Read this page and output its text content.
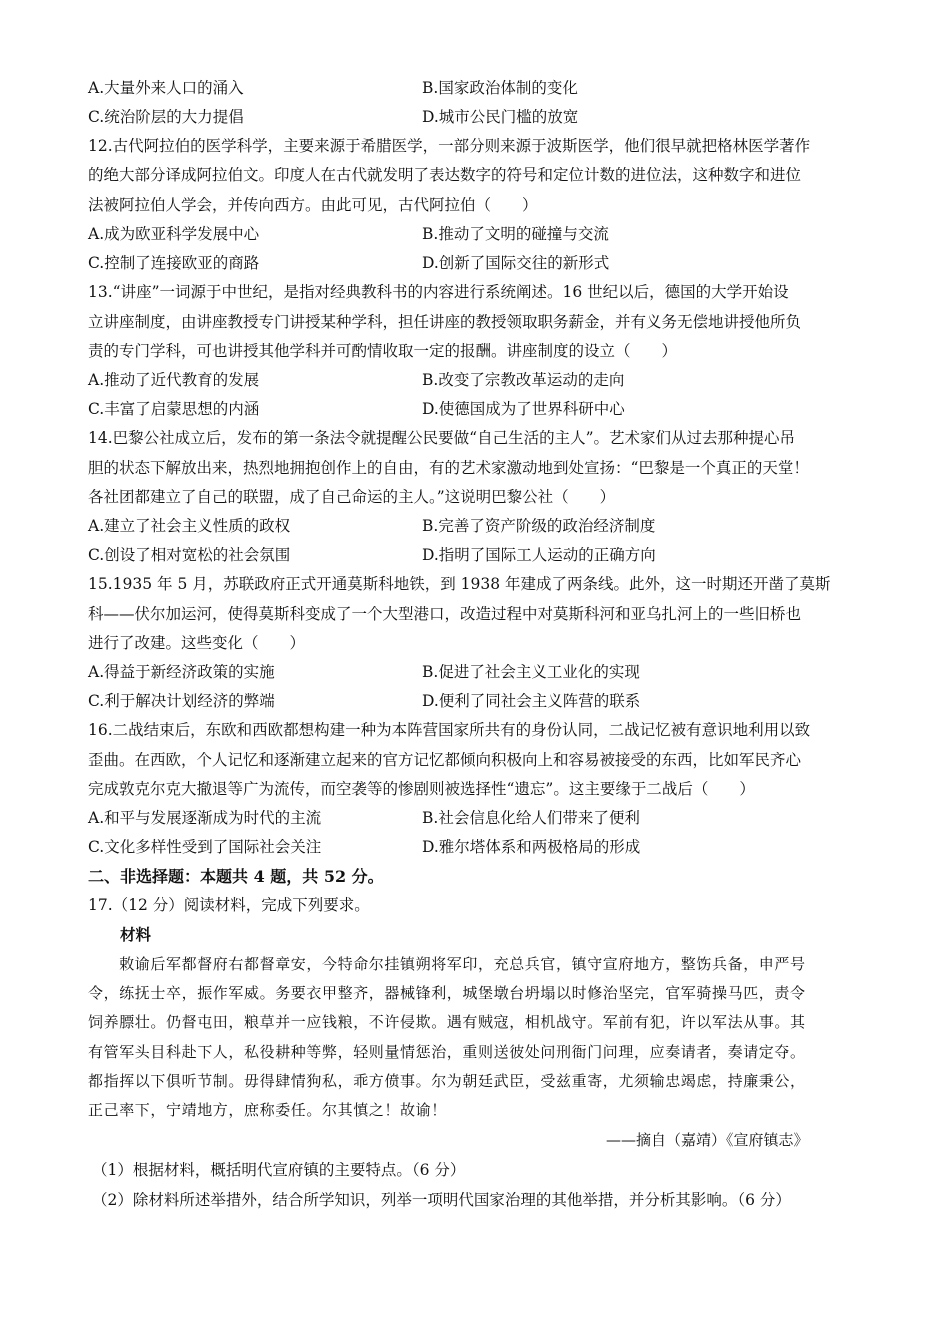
A.大量外来人口的涌入	B.国家政治体制的变化
C.统治阶层的大力提倡	D.城市公民门槛的放宽
12.古代阿拉伯的医学科学，主要来源于希腊医学，一部分则来源于波斯医学，他们很早就把格林医学著作
的绝大部分译成阿拉伯文。印度人在古代就发明了表达数字的符号和定位计数的进位法，这种数字和进位
法被阿拉伯人学会，并传向西方。由此可见，古代阿拉伯（　　）
A.成为欧亚科学发展中心	B.推动了文明的碰撞与交流
C.控制了连接欧亚的商路	D.创新了国际交往的新形式
13.“讲座”一词源于中世纪，是指对经典教科书的内容进行系统阐述。16 世纪以后，德国的大学开始设
立讲座制度，由讲座教授专门讲授某种学科，担任讲座的教授领取职务薪金，并有义务无偿地讲授他所负
责的专门学科，可也讲授其他学科并可酌情收取一定的报酬。讲座制度的设立（　　）
A.推动了近代教育的发展	B.改变了宗教改革运动的走向
C.丰富了启蒙思想的内涵	D.使德国成为了世界科研中心
14.巴黎公社成立后，发布的第一条法令就提醒公民要做“自己生活的主人”。艺术家们从过去那种提心吊
胆的状态下解放出来，热烈地拥抱创作上的自由，有的艺术家激动地到处宣扬：“巴黎是一个真正的天堂！
各社团都建立了自己的联盟，成了自己命运的主人。”这说明巴黎公社（　　）
A.建立了社会主义性质的政权	B.完善了资产阶级的政治经济制度
C.创设了相对宽松的社会氛围	D.指明了国际工人运动的正确方向
15.1935 年 5 月，苏联政府正式开通莫斯科地铁，到 1938 年建成了两条线。此外，这一时期还开凿了莫斯
科——伏尔加运河，使得莫斯科变成了一个大型港口，改造过程中对莫斯科河和亚乌扎河上的一些旧桥也
进行了改建。这些变化（　　）
A.得益于新经济政策的实施	B.促进了社会主义工业化的实现
C.利于解决计划经济的弊端	D.便利了同社会主义阵营的联系
16.二战结束后，东欧和西欧都想构建一种为本阵营国家所共有的身份认同，二战记忆被有意识地利用以致
歪曲。在西欧，个人记忆和逐渐建立起来的官方记忆都倾向积极向上和容易被接受的东西，比如军民齐心
完成敦克尔克大撤退等广为流传，而空袭等的惨剧则被选择性“遗忘”。这主要缘于二战后（　　）
A.和平与发展逐渐成为时代的主流	B.社会信息化给人们带来了便利
C.文化多样性受到了国际社会关注	D.雅尔塔体系和两极格局的形成
二、非选择题：本题共 4 题，共 52 分。
17.（12 分）阅读材料，完成下列要求。
材料
　　敕谕后军都督府右都督章安，今特命尔挂镇朔将军印，充总兵官，镇守宣府地方，整饬兵备，申严号
令，练抚士卒，振作军威。务要衣甲整齐，器械锋利，城堡墩台坍塌以时修治坚完，官军骑操马匹，责令
饲养膘壮。仍督屯田，粮草并一应钱粮，不许侵欺。遇有贼寇，相机战守。军前有犯，许以军法从事。其
有管军头目科赴下人，私役耕种等弊，轻则量情惩治，重则送彼处问刑衙门问理，应奏请者，奏请定夺。
都指挥以下俱听节制。毋得肆情狗私，乖方偾事。尔为朝廷武臣，受兹重寄，尤须输忠竭虑，持廉秉公，
正己率下，宁靖地方，庶称委任。尔其慎之！故谕！
——摘自（嘉靖）《宣府镇志》
（1）根据材料，概括明代宣府镇的主要特点。（6 分）
（2）除材料所述举措外，结合所学知识，列举一项明代国家治理的其他举措，并分析其影响。（6 分）
